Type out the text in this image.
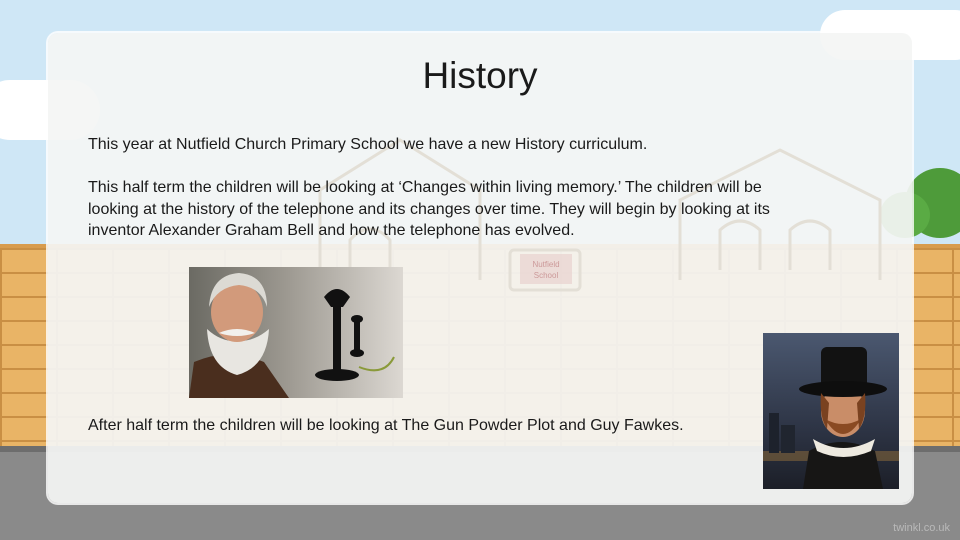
twinkl.co.uk
Nutfield
School
History

This year at Nutfield Church Primary School we have a new History curriculum.

This half term the children will be looking at ‘Changes within living memory.’ The children will be looking at the history of the telephone and its changes over time. They will begin by looking at its inventor Alexander Graham Bell and how the telephone has evolved.

After half term the children will be looking at The Gun Powder Plot and Guy Fawkes.
